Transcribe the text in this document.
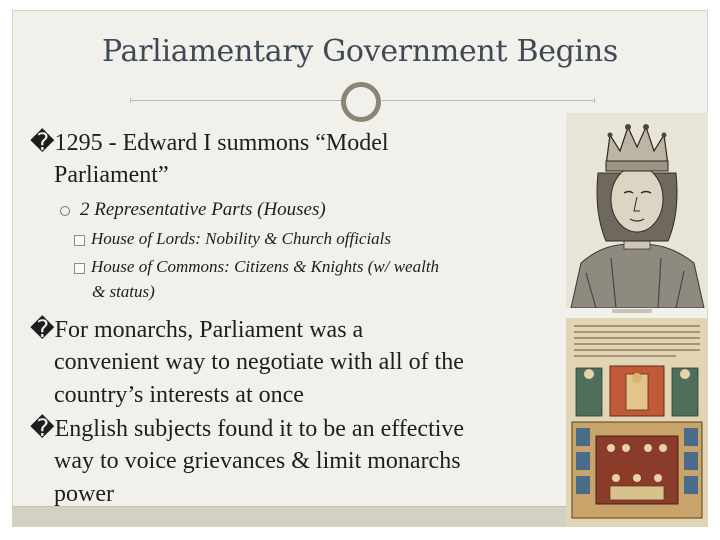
Parliamentary Government Begins
�1295 - Edward I summons “Model
Parliament”
2 Representative Parts (Houses)
House of Lords: Nobility & Church officials
House of Commons: Citizens & Knights (w/ wealth
& status)
�For monarchs, Parliament was a
convenient way to negotiate with all of the
country’s interests at once
�English subjects found it to be an effective
way to voice grievances & limit monarchs
power
